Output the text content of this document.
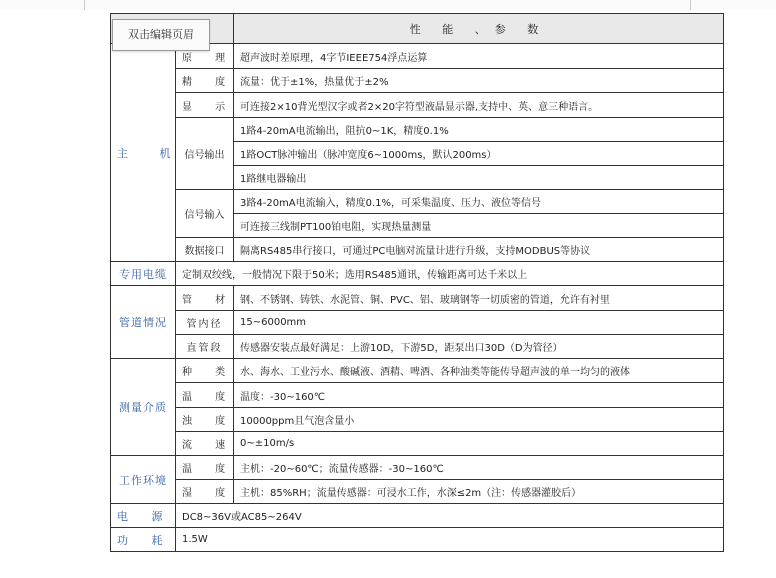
		性 能 、参 数
主 机	原 理	超声波时差原理，4字节IEEE754浮点运算
	精 度	流量：优于±1%，热量优于±2%
	显 示	可连接2×10背光型汉字或者2×20字符型液晶显示器,支持中、英、意三种语言。
	信号输出	1路4-20mA电流输出，阻抗0~1K，精度0.1%
		1路OCT脉冲输出（脉冲宽度6~1000ms，默认200ms）
		1路继电器输出
	信号输入	3路4-20mA电流输入，精度0.1%，可采集温度、压力、液位等信号
		可连接三线制PT100铂电阻，实现热量测量
	数据接口	隔离RS485串行接口，可通过PC电脑对流量计进行升级，支持MODBUS等协议
专用电缆	定制双绞线，一般情况下限于50米；选用RS485通讯，传输距离可达千米以上	
管道情况	管 材	钢、不锈钢、铸铁、水泥管、铜、PVC、铝、玻璃钢等一切质密的管道，允许有衬里
	管内径	15~6000mm
	直管段	传感器安装点最好满足：上游10D，下游5D，距泵出口30D（D为管径）
测量介质	种 类	水、海水、工业污水、酸碱液、酒精、啤酒、各种油类等能传导超声波的单一均匀的液体
	温 度	温度：-30~160℃
	浊 度	10000ppm且气泡含量小
	流 速	0~±10m/s
工作环境	温 度	主机：-20~60℃；流量传感器：-30~160℃
	湿 度	主机：85%RH；流量传感器：可浸水工作，水深≤2m（注：传感器灌胶后）
电 源	DC8~36V或AC85~264V	
功 耗	1.5W	
双击编辑页眉
